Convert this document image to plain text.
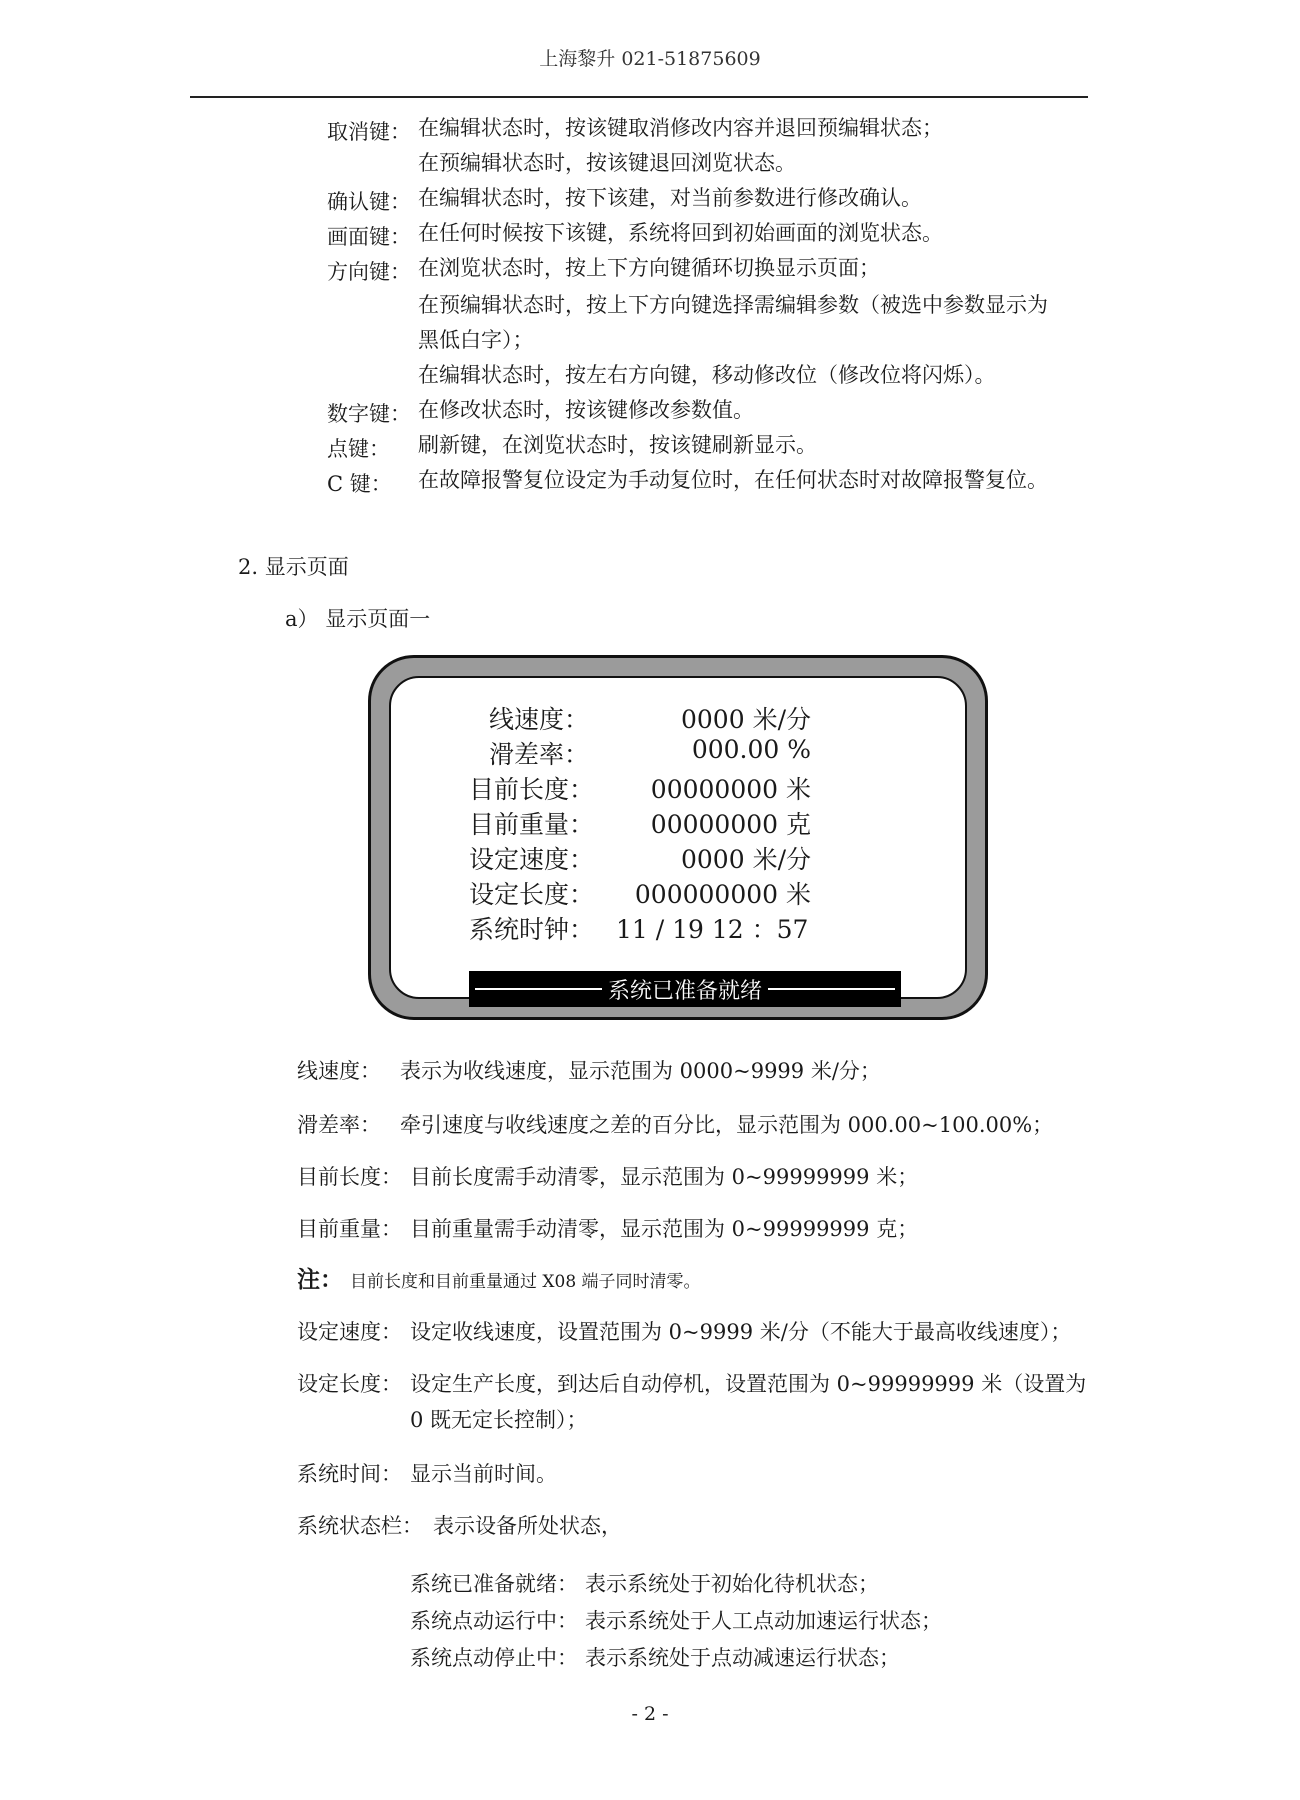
上海黎升 021-51875609
取消键： 在编辑状态时，按该键取消修改内容并退回预编辑状态；
在预编辑状态时，按该键退回浏览状态。
确认键： 在编辑状态时，按下该建，对当前参数进行修改确认。
画面键： 在任何时候按下该键，系统将回到初始画面的浏览状态。
方向键： 在浏览状态时，按上下方向键循环切换显示页面；
在预编辑状态时，按上下方向键选择需编辑参数（被选中参数显示为
黑低白字）；
在编辑状态时，按左右方向键，移动修改位（修改位将闪烁）。
数字键： 在修改状态时，按该键修改参数值。
点键： 刷新键，在浏览状态时，按该键刷新显示。
C 键： 在故障报警复位设定为手动复位时，在任何状态时对故障报警复位。
2. 显示页面
a） 显示页面一
线速度：	0000 米/分
滑差率：	000.00 %
目前长度：	00000000 米
目前重量：	00000000 克
设定速度：	0000 米/分
设定长度：	000000000 米
系统时钟： 11 / 19 12 ：57
系统已准备就绪
线速度： 表示为收线速度，显示范围为 0000~9999 米/分；
滑差率： 牵引速度与收线速度之差的百分比，显示范围为 000.00~100.00%；
目前长度： 目前长度需手动清零，显示范围为 0~99999999 米；
目前重量： 目前重量需手动清零，显示范围为 0~99999999 克；
注： 目前长度和目前重量通过 X08 端子同时清零。
设定速度： 设定收线速度，设置范围为 0~9999 米/分（不能大于最高收线速度）；
设定长度： 设定生产长度，到达后自动停机，设置范围为 0~99999999 米（设置为
0 既无定长控制）；
系统时间： 显示当前时间。
系统状态栏： 表示设备所处状态，
系统已准备就绪： 表示系统处于初始化待机状态；
系统点动运行中： 表示系统处于人工点动加速运行状态；
系统点动停止中： 表示系统处于点动减速运行状态；
- 2 -
